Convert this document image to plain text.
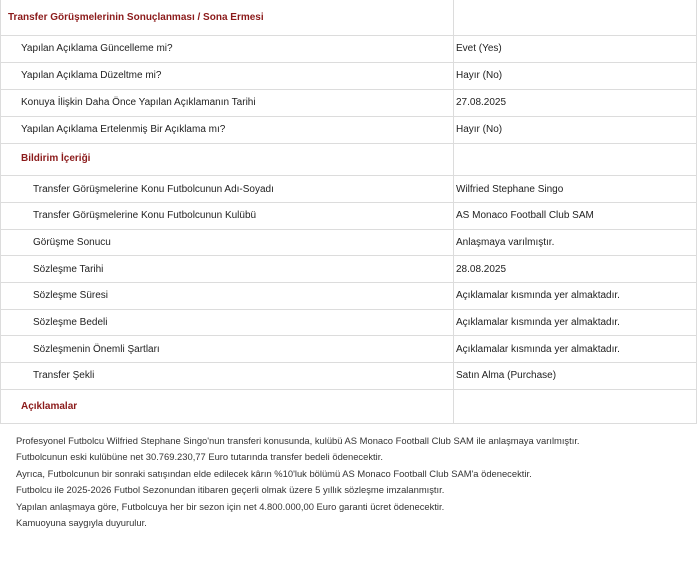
Transfer Görüşmelerinin Sonuçlanması / Sona Ermesi
Yapılan Açıklama Güncelleme mi?	Evet (Yes)
Yapılan Açıklama Düzeltme mi?	Hayır (No)
Konuya İlişkin Daha Önce Yapılan Açıklamanın Tarihi	27.08.2025
Yapılan Açıklama Ertelenmiş Bir Açıklama mı?	Hayır (No)
Bildirim İçeriği
Transfer Görüşmelerine Konu Futbolcunun Adı-Soyadı	Wilfried Stephane Singo
Transfer Görüşmelerine Konu Futbolcunun Kulübü	AS Monaco Football Club SAM
Görüşme Sonucu	Anlaşmaya varılmıştır.
Sözleşme Tarihi	28.08.2025
Sözleşme Süresi	Açıklamalar kısmında yer almaktadır.
Sözleşme Bedeli	Açıklamalar kısmında yer almaktadır.
Sözleşmenin Önemli Şartları	Açıklamalar kısmında yer almaktadır.
Transfer Şekli	Satın Alma (Purchase)
Açıklamalar
Profesyonel Futbolcu Wilfried Stephane Singo'nun transferi konusunda, kulübü AS Monaco Football Club SAM ile anlaşmaya varılmıştır.
Futbolcunun eski kulübüne net 30.769.230,77 Euro tutarında transfer bedeli ödenecektir.
Ayrıca, Futbolcunun bir sonraki satışından elde edilecek kârın %10'luk bölümü AS Monaco Football Club SAM'a ödenecektir.
Futbolcu ile 2025-2026 Futbol Sezonundan itibaren geçerli olmak üzere 5 yıllık sözleşme imzalanmıştır.
Yapılan anlaşmaya göre, Futbolcuya her bir sezon için net 4.800.000,00 Euro garanti ücret ödenecektir.
Kamuoyuna saygıyla duyurulur.
